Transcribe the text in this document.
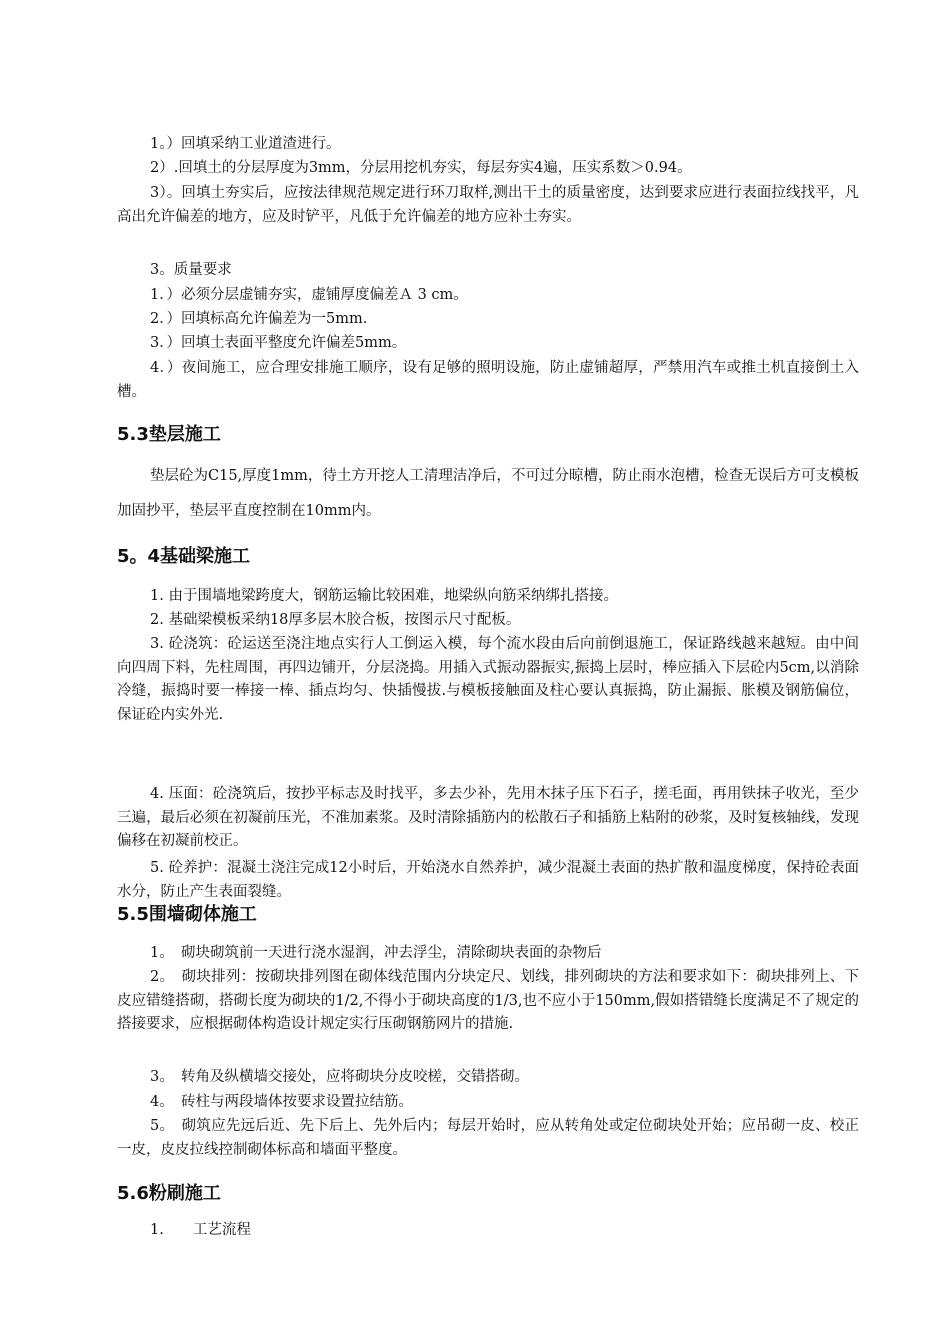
1。）回填采纳工业道渣进行。

2）.回填土的分层厚度为3mm，分层用挖机夯实，每层夯实4遍，压实系数＞0.94。

3）。回填土夯实后，应按法律规范规定进行环刀取样,测出干土的质量密度，达到要求应进行表面拉线找平，凡高出允许偏差的地方，应及时铲平，凡低于允许偏差的地方应补土夯实。

3。质量要求

1．）必须分层虚铺夯实，虚铺厚度偏差Ａ 3 cm。

2．）回填标高允许偏差为一5mm.

3．）回填土表面平整度允许偏差5mm。

4．）夜间施工，应合理安排施工顺序，设有足够的照明设施，防止虚铺超厚，严禁用汽车或推土机直接倒土入槽。

5.3垫层施工

垫层砼为C15,厚度1mm，待土方开挖人工清理洁净后，不可过分晾槽，防止雨水泡槽，检查无误后方可支模板加固抄平，垫层平直度控制在10mm内。

5。4基础梁施工

1. 由于围墙地梁跨度大，钢筋运输比较困难，地梁纵向筋采纳绑扎搭接。

2. 基础梁模板采纳18厚多层木胶合板，按图示尺寸配板。

3. 砼浇筑：砼运送至浇注地点实行人工倒运入模，每个流水段由后向前倒退施工，保证路线越来越短。由中间向四周下料，先柱周围，再四边铺开，分层浇捣。用插入式振动器振实,振捣上层时，棒应插入下层砼内5cm,以消除冷缝，振捣时要一棒接一棒、插点均匀、快插慢拔.与模板接触面及柱心要认真振捣，防止漏振、胀模及钢筋偏位，保证砼内实外光.

4. 压面：砼浇筑后，按抄平标志及时找平，多去少补，先用木抹子压下石子，搓毛面，再用铁抹子收光，至少三遍，最后必须在初凝前压光，不准加素浆。及时清除插筋内的松散石子和插筋上粘附的砂浆，及时复核轴线，发现偏移在初凝前校正。

5. 砼养护：混凝土浇注完成12小时后，开始浇水自然养护，减少混凝土表面的热扩散和温度梯度，保持砼表面水分，防止产生表面裂缝。

5.5围墙砌体施工

1。　砌块砌筑前一天进行浇水湿润，冲去浮尘，清除砌块表面的杂物后

2。　砌块排列：按砌块排列图在砌体线范围内分块定尺、划线，排列砌块的方法和要求如下：砌块排列上、下皮应错缝搭砌，搭砌长度为砌块的1/2,不得小于砌块高度的1/3,也不应小于150mm,假如搭错缝长度满足不了规定的搭接要求，应根据砌体构造设计规定实行压砌钢筋网片的措施.

3。　转角及纵横墙交接处，应将砌块分皮咬槎，交错搭砌。

4。　砖柱与两段墙体按要求设置拉结筋。

5。　砌筑应先远后近、先下后上、先外后内；每层开始时，应从转角处或定位砌块处开始；应吊砌一皮、校正一皮，皮皮拉线控制砌体标高和墙面平整度。

5.6粉刷施工

1.　　工艺流程
